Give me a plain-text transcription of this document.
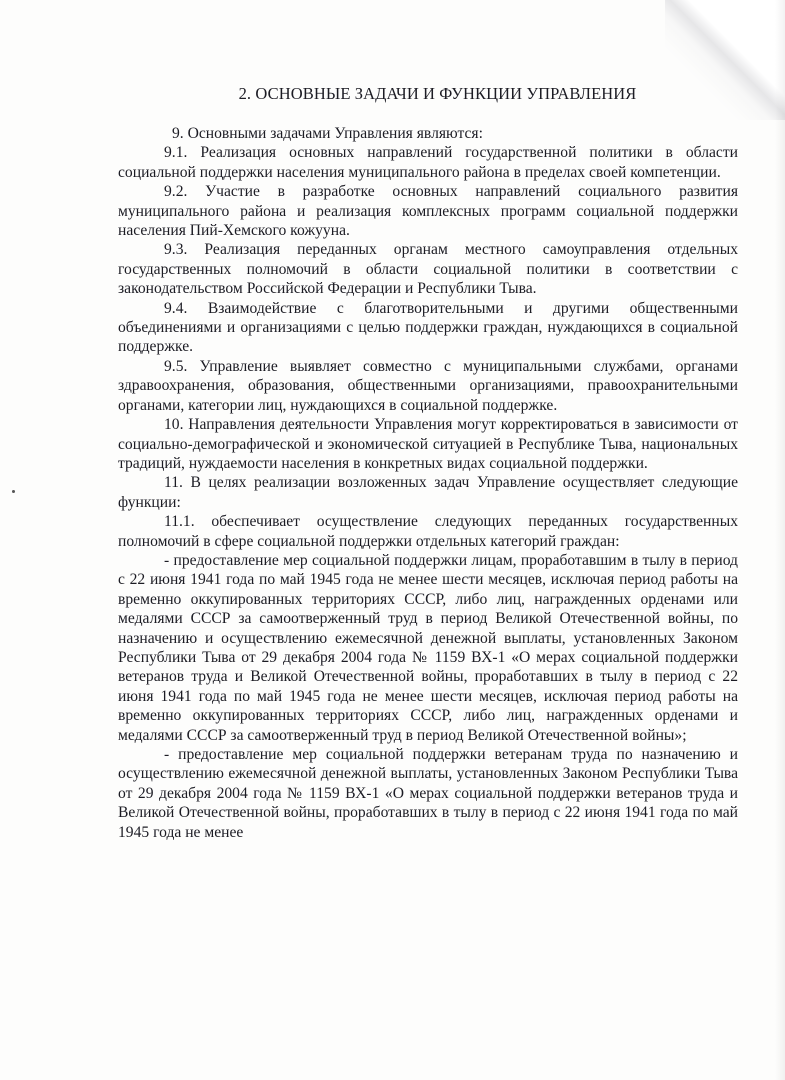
2. ОСНОВНЫЕ ЗАДАЧИ И ФУНКЦИИ УПРАВЛЕНИЯ

9. Основными задачами Управления являются:

9.1. Реализация основных направлений государственной политики в области социальной поддержки населения муниципального района в пределах своей компетенции.

9.2. Участие в разработке основных направлений социального развития муниципального района и реализация комплексных программ социальной поддержки населения Пий-Хемского кожууна.

9.3. Реализация переданных органам местного самоуправления отдельных государственных полномочий в области социальной политики в соответствии с законодательством Российской Федерации и Республики Тыва.

9.4. Взаимодействие с благотворительными и другими общественными объединениями и организациями с целью поддержки граждан, нуждающихся в социальной поддержке.

9.5. Управление выявляет совместно с муниципальными службами, органами здравоохранения, образования, общественными организациями, правоохранительными органами, категории лиц, нуждающихся в социальной поддержке.

10. Направления деятельности Управления могут корректироваться в зависимости от социально-демографической и экономической ситуацией в Республике Тыва, национальных традиций, нуждаемости населения в конкретных видах социальной поддержки.

11. В целях реализации возложенных задач Управление осуществляет следующие функции:

11.1. обеспечивает осуществление следующих переданных государственных полномочий в сфере социальной поддержки отдельных категорий граждан:

- предоставление мер социальной поддержки лицам, проработавшим в тылу в период с 22 июня 1941 года по май 1945 года не менее шести месяцев, исключая период работы на временно оккупированных территориях СССР, либо лиц, награжденных орденами или медалями СССР за самоотверженный труд в период Великой Отечественной войны, по назначению и осуществлению ежемесячной денежной выплаты, установленных Законом Республики Тыва от 29 декабря 2004 года № 1159 ВХ-1 «О мерах социальной поддержки ветеранов труда и Великой Отечественной войны, проработавших в тылу в период с 22 июня 1941 года по май 1945 года не менее шести месяцев, исключая период работы на временно оккупированных территориях СССР, либо лиц, награжденных орденами и медалями СССР за самоотверженный труд в период Великой Отечественной войны»;

- предоставление мер социальной поддержки ветеранам труда по назначению и осуществлению ежемесячной денежной выплаты, установленных Законом Республики Тыва от 29 декабря 2004 года № 1159 ВХ-1 «О мерах социальной поддержки ветеранов труда и Великой Отечественной войны, проработавших в тылу в период с 22 июня 1941 года по май 1945 года не менее
